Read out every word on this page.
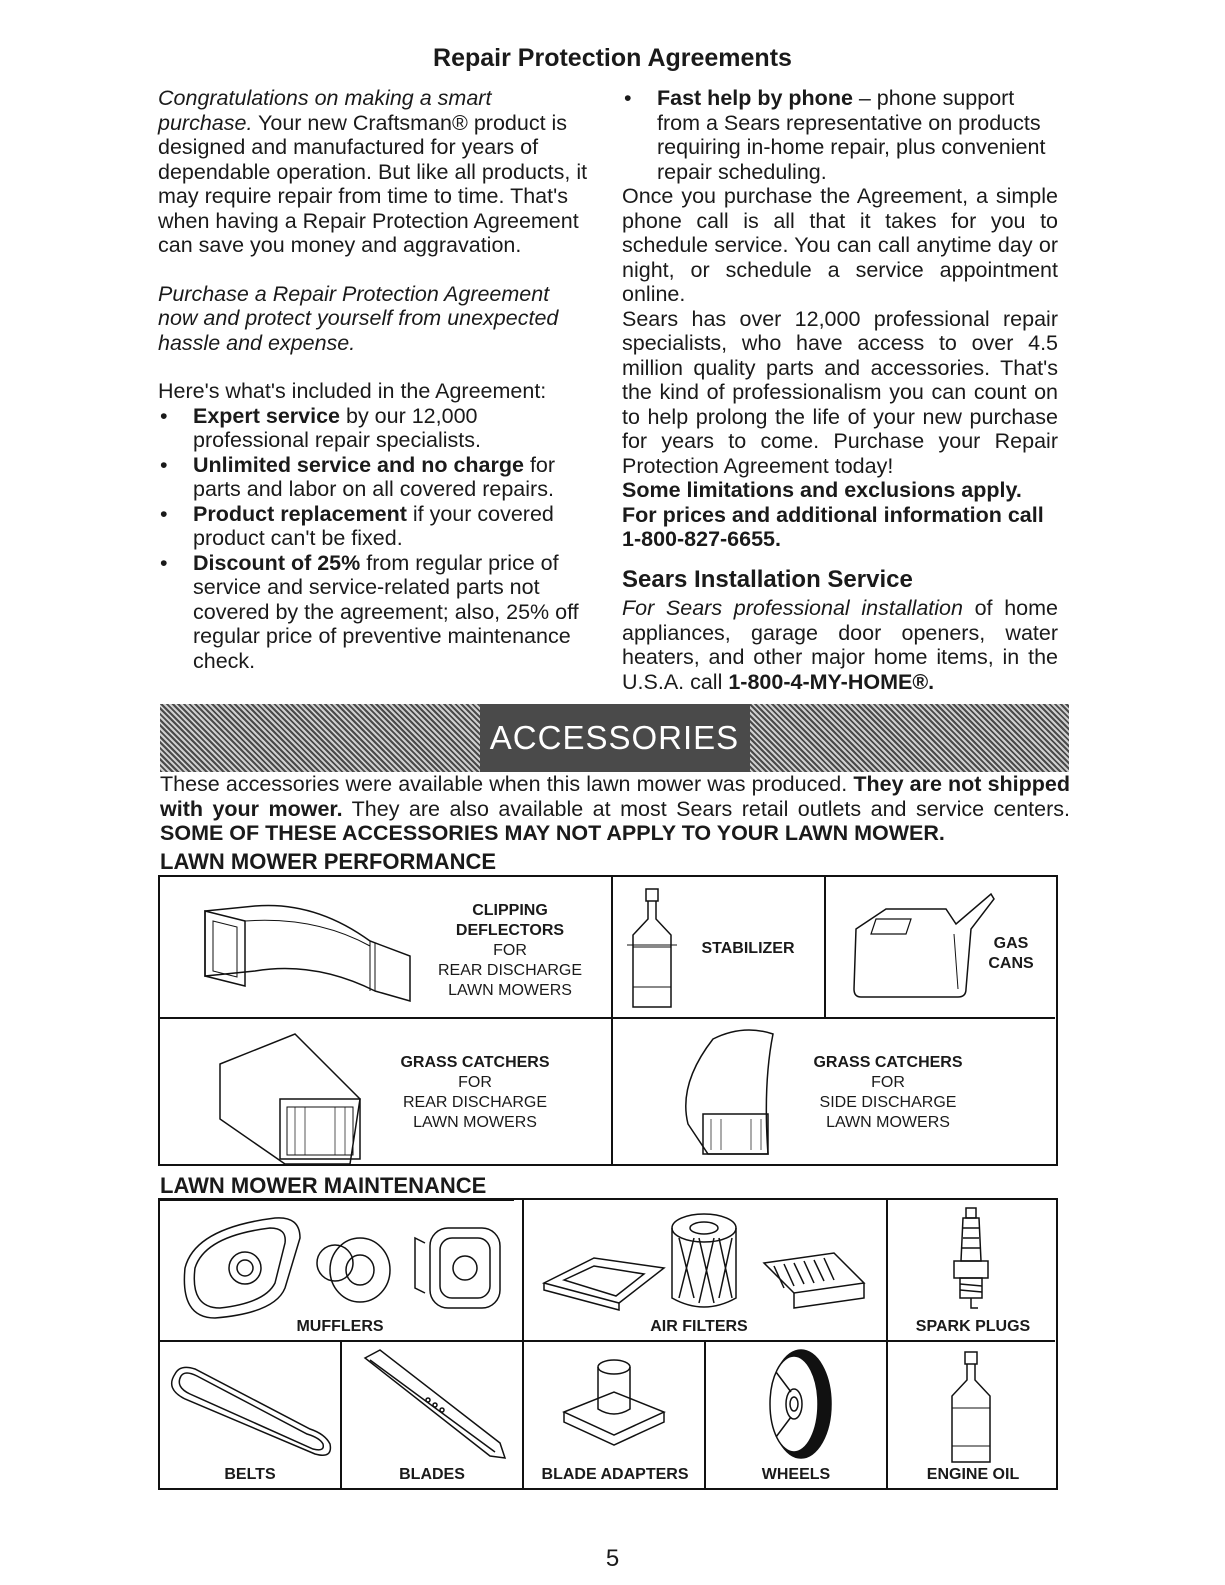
Repair Protection Agreements

Congratulations on making a smart purchase. Your new Craftsman® product is designed and manufactured for years of dependable operation. But like all products, it may require repair from time to time. That's when having a Repair Protection Agreement can save you money and aggravation.

Purchase a Repair Protection Agreement now and protect yourself from unexpected hassle and expense.

Here's what's included in the Agreement:

• Expert service by our 12,000 professional repair specialists.
• Unlimited service and no charge for parts and labor on all covered repairs.
• Product replacement if your covered product can't be fixed.
• Discount of 25% from regular price of service and service-related parts not covered by the agreement; also, 25% off regular price of preventive maintenance check.
• Fast help by phone – phone support from a Sears representative on products requiring in-home repair, plus convenient repair scheduling.

Once you purchase the Agreement, a simple phone call is all that it takes for you to schedule service. You can call anytime day or night, or schedule a service appointment online.

Sears has over 12,000 professional repair specialists, who have access to over 4.5 million quality parts and accessories. That's the kind of professionalism you can count on to help prolong the life of your new purchase for years to come. Purchase your Repair Protection Agreement today!

Some limitations and exclusions apply.

For prices and additional information call 1-800-827-6655.

Sears Installation Service

For Sears professional installation of home appliances, garage door openers, water heaters, and other major home items, in the U.S.A. call 1-800-4-MY-HOME®.

ACCESSORIES
These accessories were available when this lawn mower was produced. They are not shipped with your mower. They are also available at most Sears retail outlets and service centers. SOME OF THESE ACCESSORIES MAY NOT APPLY TO YOUR LAWN MOWER.
LAWN MOWER PERFORMANCE
CLIPPING
DEFLECTORS
FOR
REAR DISCHARGE
LAWN MOWERS
STABILIZER	GAS
CANS
GRASS CATCHERS
FOR
REAR DISCHARGE
LAWN MOWERS
GRASS CATCHERS
FOR
SIDE DISCHARGE
LAWN MOWERS
LAWN MOWER MAINTENANCE
MUFFLERS	AIR FILTERS	SPARK PLUGS
BELTS	BLADES	BLADE ADAPTERS	WHEELS	ENGINE OIL
5
